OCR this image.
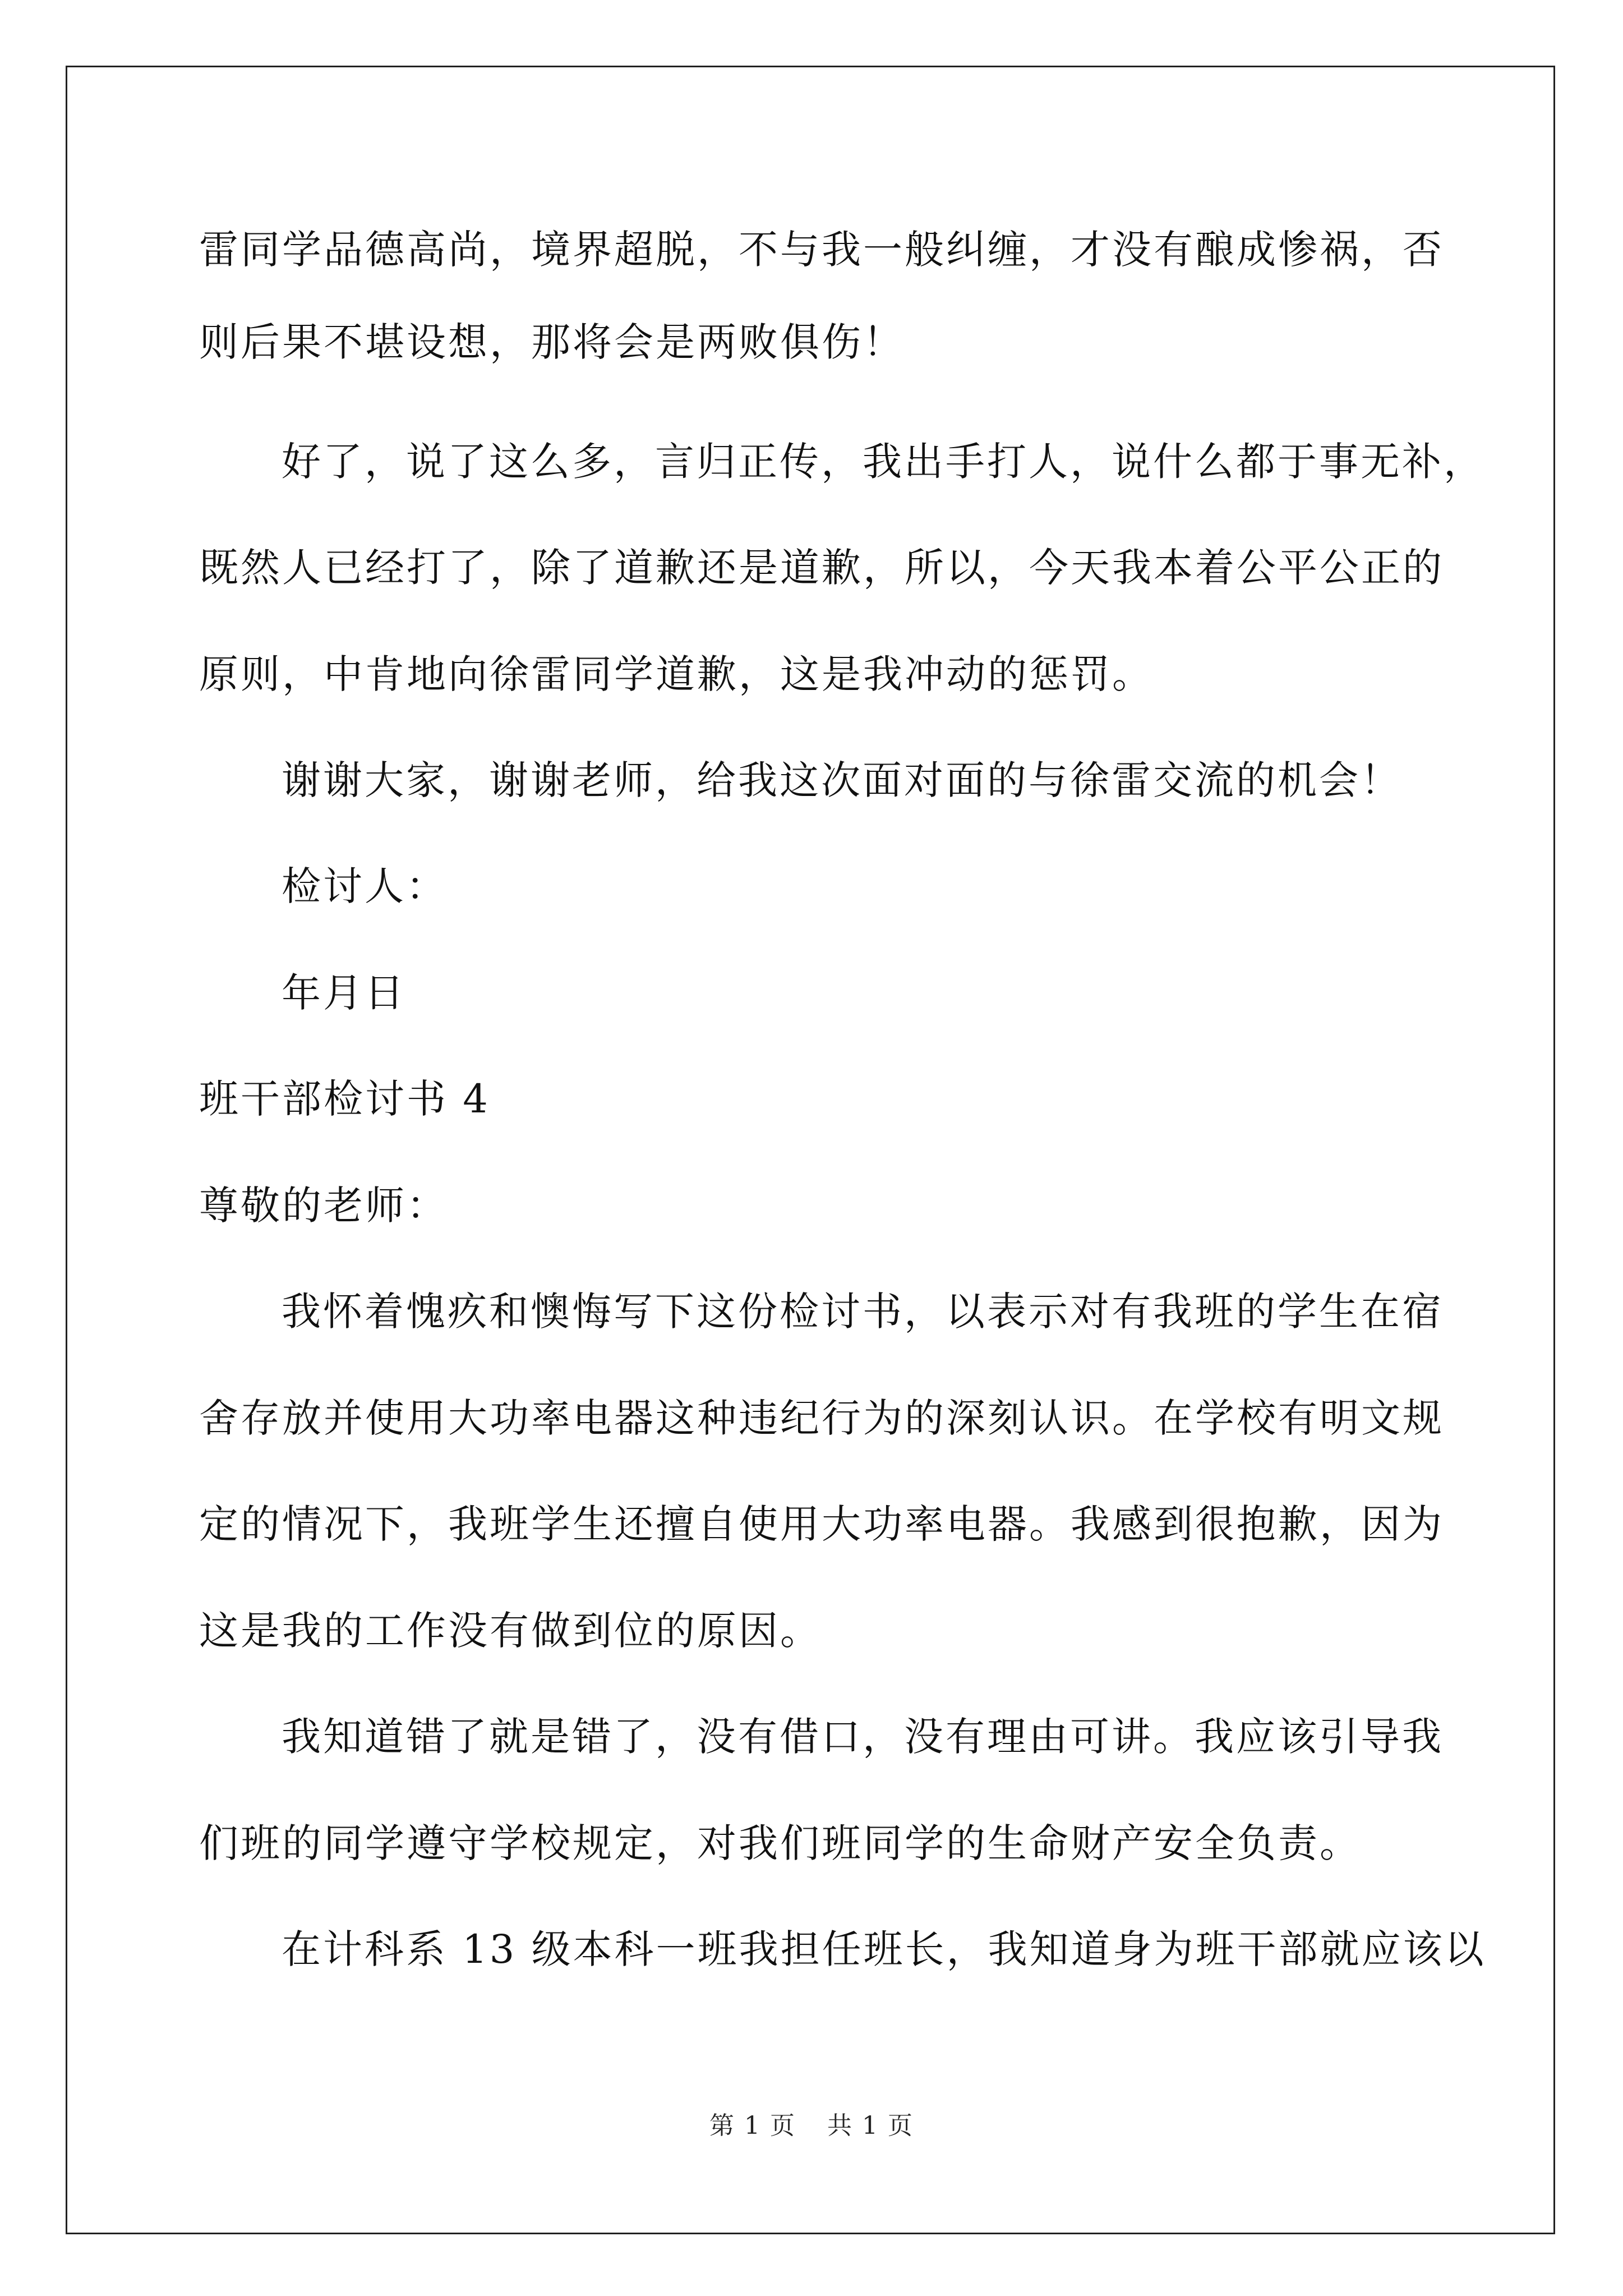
雷同学品德高尚，境界超脱，不与我一般纠缠，才没有酿成惨祸，否
则后果不堪设想，那将会是两败俱伤！
好了，说了这么多，言归正传，我出手打人，说什么都于事无补，
既然人已经打了，除了道歉还是道歉，所以，今天我本着公平公正的
原则，中肯地向徐雷同学道歉，这是我冲动的惩罚。
谢谢大家，谢谢老师，给我这次面对面的与徐雷交流的机会！
检讨人：
年月日
班干部检讨书 4
尊敬的老师：
我怀着愧疚和懊悔写下这份检讨书，以表示对有我班的学生在宿
舍存放并使用大功率电器这种违纪行为的深刻认识。在学校有明文规
定的情况下，我班学生还擅自使用大功率电器。我感到很抱歉，因为
这是我的工作没有做到位的原因。
我知道错了就是错了，没有借口，没有理由可讲。我应该引导我
们班的同学遵守学校规定，对我们班同学的生命财产安全负责。
在计科系 13 级本科一班我担任班长，我知道身为班干部就应该以
第 1 页 共 1 页
